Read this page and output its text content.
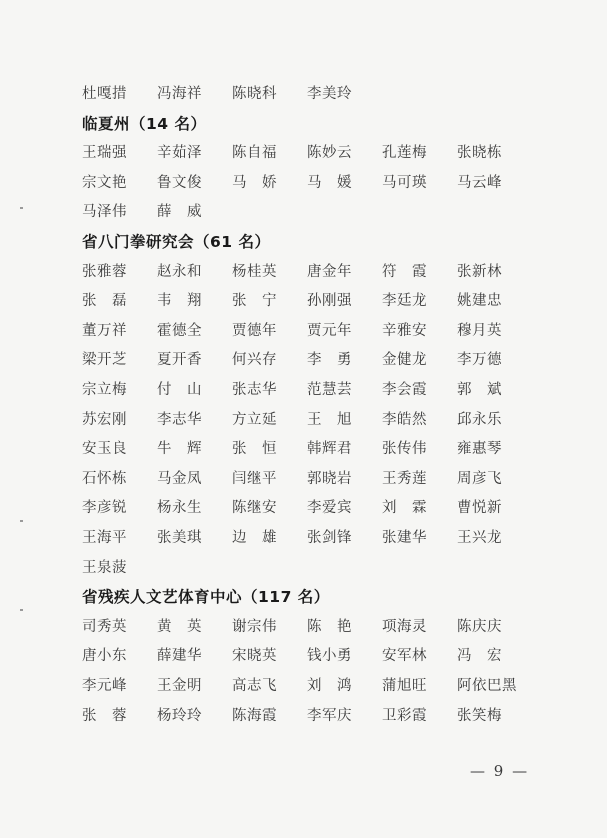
杜嘎措 冯海祥 陈晓科 李美玲
临夏州（14 名）
王瑞强 辛茹泽 陈自福 陈妙云 孔莲梅 张晓栋
宗文艳 鲁文俊 马　娇 马　媛 马可瑛 马云峰
马泽伟 薛　威
省八门拳研究会（61 名）
张雅蓉 赵永和 杨桂英 唐金年 符　霞 张新林
张　磊 韦　翔 张　宁 孙刚强 李廷龙 姚建忠
董万祥 霍德全 贾德年 贾元年 辛雅安 穆月英
梁开芝 夏开香 何兴存 李　勇 金健龙 李万德
宗立梅 付　山 张志华 范慧芸 李会霞 郭　斌
苏宏刚 李志华 方立延 王　旭 李皓然 邱永乐
安玉良 牛　辉 张　恒 韩辉君 张传伟 雍惠琴
石怀栋 马金凤 闫继平 郭晓岩 王秀莲 周彦飞
李彦锐 杨永生 陈继安 李爱宾 刘　霖 曹悦新
王海平 张美琪 边　雄 张剑锋 张建华 王兴龙
王泉菠
省残疾人文艺体育中心（117 名）
司秀英 黄　英 谢宗伟 陈　艳 项海灵 陈庆庆
唐小东 薛建华 宋晓英 钱小勇 安军林 冯　宏
李元峰 王金明 高志飞 刘　鸿 蒲旭旺 阿依巴黑
张　蓉 杨玲玲 陈海霞 李军庆 卫彩霞 张笑梅
— 9 —
